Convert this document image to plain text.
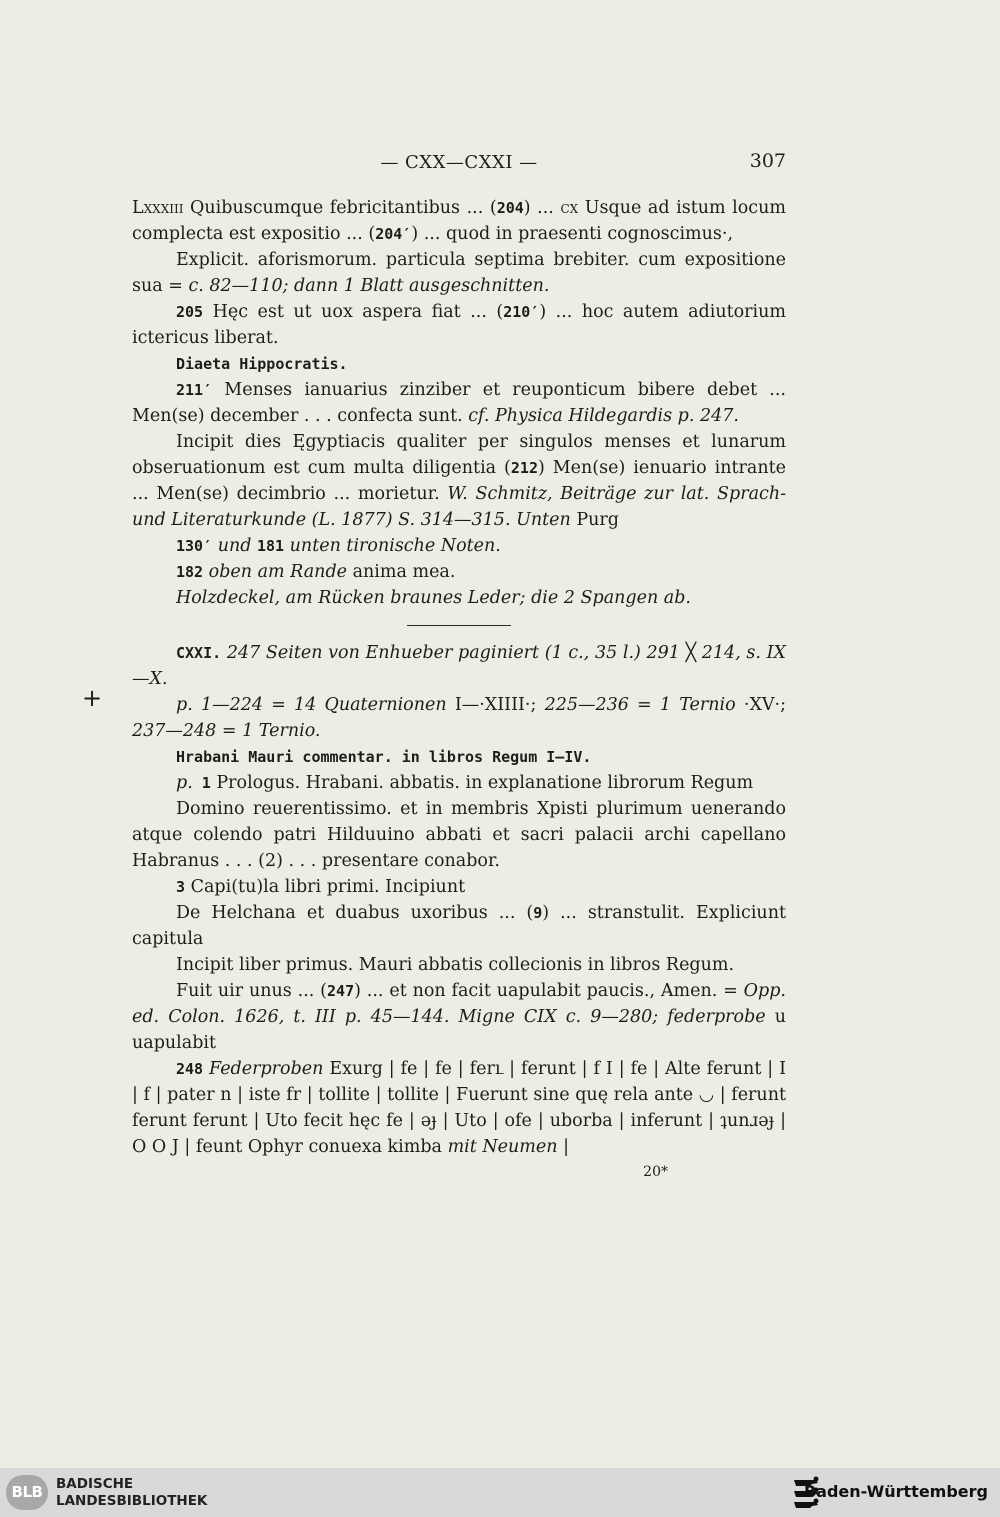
— CXX—CXXI —	307
+

Lxxxiii Quibuscumque febricitantibus ... (204) ... cx Usque ad istum locum complecta est expositio ... (204′) ... quod in praesenti cognoscimus·,

Explicit. aforismorum. particula septima brebiter. cum expositione sua = c. 82—110; dann 1 Blatt ausgeschnitten.

205 Hęc est ut uox aspera fiat ... (210′) ... hoc autem adiutorium ictericus liberat.

Diaeta Hippocratis.

211′ Menses ianuarius zinziber et reuponticum bibere debet ... Men(se) december . . . confecta sunt. cf. Physica Hildegardis p. 247.

Incipit dies Ęgyptiacis qualiter per singulos menses et lunarum obseruationum est cum multa diligentia (212) Men(se) ienuario intrante ... Men(se) decimbrio ... morietur. W. Schmitz, Beiträge zur lat. Sprach- und Literaturkunde (L. 1877) S. 314—315. Unten Purg

130′ und 181 unten tironische Noten.

182 oben am Rande anima mea.

Holzdeckel, am Rücken braunes Leder; die 2 Spangen ab.

CXXI. 247 Seiten von Enhueber paginiert (1 c., 35 l.) 291 ╳ 214, s. IX—X.

p. 1—224 = 14 Quaternionen I—·XIIII·; 225—236 = 1 Ternio ·XV·; 237—248 = 1 Ternio.

Hrabani Mauri commentar. in libros Regum I—IV.

p. 1 Prologus. Hrabani. abbatis. in explanatione librorum Regum

Domino reuerentissimo. et in membris Χpisti plurimum uenerando atque colendo patri Hilduuino abbati et sacri palacii archi capellano Habranus . . . (2) . . . presentare conabor.

3 Capi(tu)la libri primi. Incipiunt

De Helchana et duabus uxoribus ... (9) ... stranstulit. Expliciunt capitula

Incipit liber primus. Mauri abbatis collecionis in libros Regum.

Fuit uir unus ... (247) ... et non facit uapulabit paucis., Amen. = Opp. ed. Colon. 1626, t. III p. 45—144. Migne CIX c. 9—280; federprobe u uapulabit

248 Federproben Exurg | fe | fe | ferւ | ferunt | f I | fe | Alte ferunt | I | f | pater n | iste fr | tollite | tollite | Fuerunt sine quę rela ante ◡ | ferunt ferunt ferunt | Uto fecit hęc fe | ǝɟ | Uto | ofe | uborba | inferunt | ʇunɹǝɟ | O O J | feunt Ophyr conuexa kimba mit Neumen |

20*
BLB	BADISCHE
LANDESBIBLIOTHEK	Baden-Württemberg
